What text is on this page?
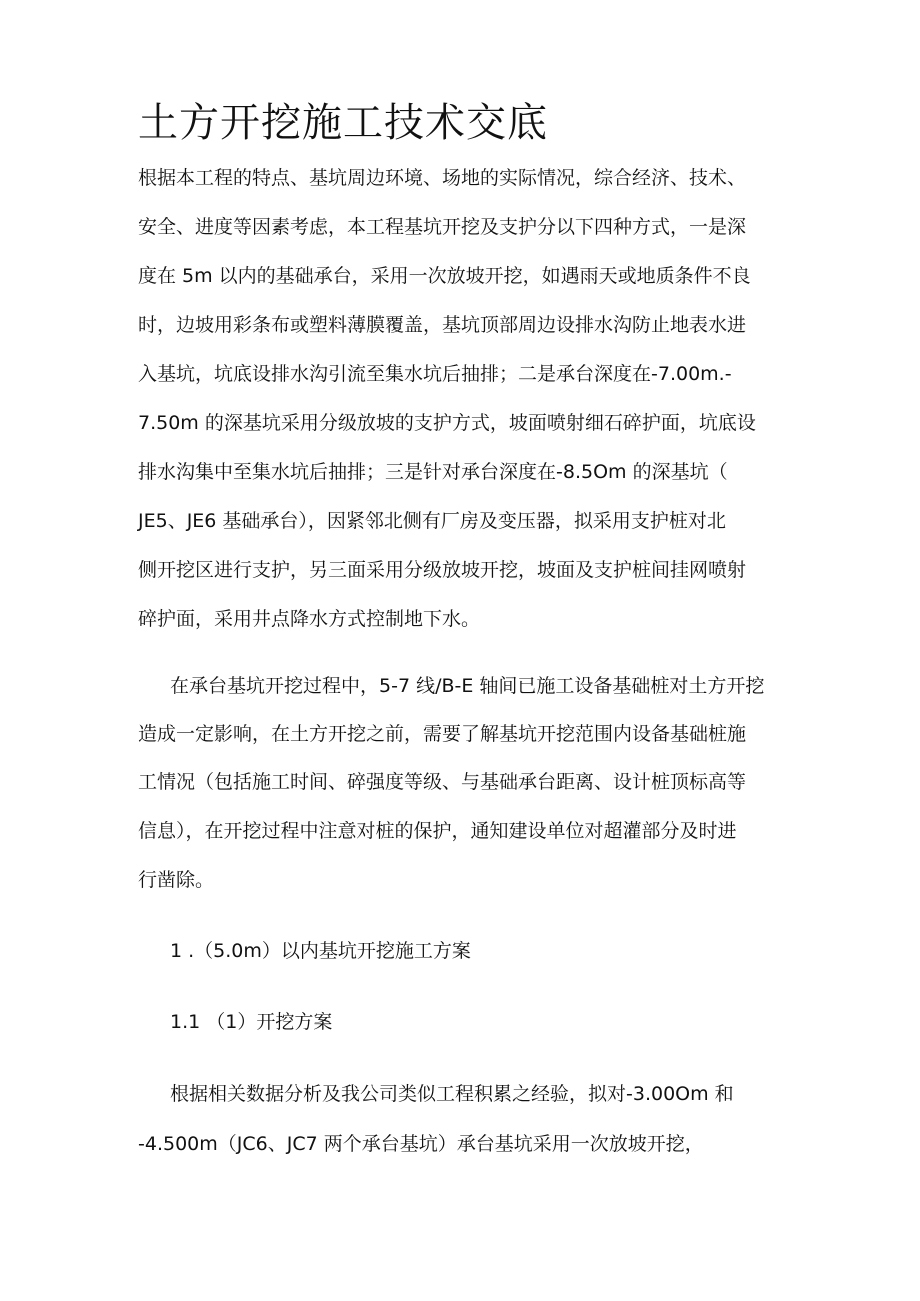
土方开挖施工技术交底

根据本工程的特点、基坑周边环境、场地的实际情况，综合经济、技术、

安全、进度等因素考虑，本工程基坑开挖及支护分以下四种方式，一是深

度在 5m 以内的基础承台，采用一次放坡开挖，如遇雨天或地质条件不良

时，边坡用彩条布或塑料薄膜覆盖，基坑顶部周边设排水沟防止地表水进

入基坑，坑底设排水沟引流至集水坑后抽排；二是承台深度在-7.00m.-

7.50m 的深基坑采用分级放坡的支护方式，坡面喷射细石碎护面，坑底设

排水沟集中至集水坑后抽排；三是针对承台深度在-8.5Om 的深基坑（

JE5、JE6 基础承台），因紧邻北侧有厂房及变压器，拟采用支护桩对北

侧开挖区进行支护，另三面采用分级放坡开挖，坡面及支护桩间挂网喷射

碎护面，采用井点降水方式控制地下水。

在承台基坑开挖过程中，5-7 线/B-E 轴间已施工设备基础桩对土方开挖

造成一定影响，在土方开挖之前，需要了解基坑开挖范围内设备基础桩施

工情况（包括施工时间、碎强度等级、与基础承台距离、设计桩顶标高等

信息），在开挖过程中注意对桩的保护，通知建设单位对超灌部分及时进

行凿除。

1 .（5.0m）以内基坑开挖施工方案

1.1 （1）开挖方案

根据相关数据分析及我公司类似工程积累之经验，拟对-3.00Om 和

-4.500m（JC6、JC7 两个承台基坑）承台基坑采用一次放坡开挖，
